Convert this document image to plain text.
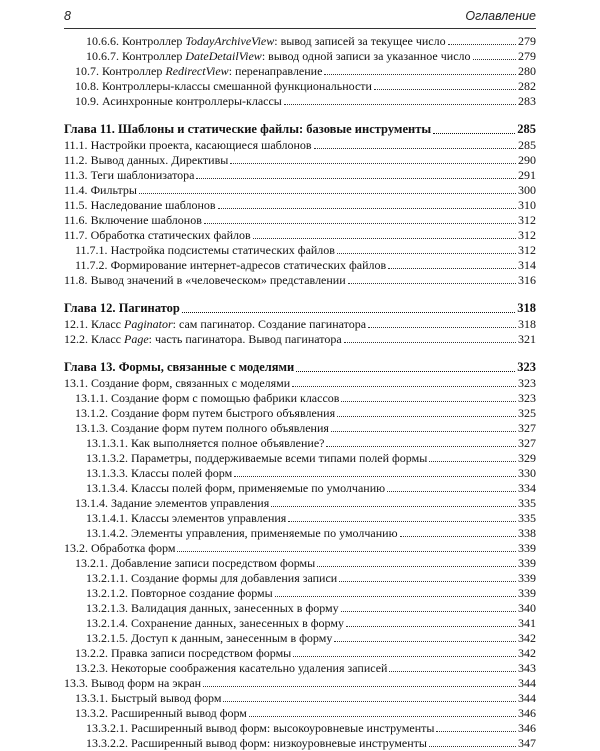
8	Оглавление
10.6.6. Контроллер TodayArchiveView: вывод записей за текущее число	279
10.6.7. Контроллер DateDetailView: вывод одной записи за указанное число	279
10.7. Контроллер RedirectView: перенаправление	280
10.8. Контроллеры-классы смешанной функциональности	282
10.9. Асинхронные контроллеры-классы	283
Глава 11. Шаблоны и статические файлы: базовые инструменты	285
11.1. Настройки проекта, касающиеся шаблонов	285
11.2. Вывод данных. Директивы	290
11.3. Теги шаблонизатора	291
11.4. Фильтры	300
11.5. Наследование шаблонов	310
11.6. Включение шаблонов	312
11.7. Обработка статических файлов	312
11.7.1. Настройка подсистемы статических файлов	312
11.7.2. Формирование интернет-адресов статических файлов	314
11.8. Вывод значений в «человеческом» представлении	316
Глава 12. Пагинатор	318
12.1. Класс Paginator: сам пагинатор. Создание пагинатора	318
12.2. Класс Page: часть пагинатора. Вывод пагинатора	321
Глава 13. Формы, связанные с моделями	323
13.1. Создание форм, связанных с моделями	323
13.1.1. Создание форм с помощью фабрики классов	323
13.1.2. Создание форм путем быстрого объявления	325
13.1.3. Создание форм путем полного объявления	327
13.1.3.1. Как выполняется полное объявление?	327
13.1.3.2. Параметры, поддерживаемые всеми типами полей формы	329
13.1.3.3. Классы полей форм	330
13.1.3.4. Классы полей форм, применяемые по умолчанию	334
13.1.4. Задание элементов управления	335
13.1.4.1. Классы элементов управления	335
13.1.4.2. Элементы управления, применяемые по умолчанию	338
13.2. Обработка форм	339
13.2.1. Добавление записи посредством формы	339
13.2.1.1. Создание формы для добавления записи	339
13.2.1.2. Повторное создание формы	339
13.2.1.3. Валидация данных, занесенных в форму	340
13.2.1.4. Сохранение данных, занесенных в форму	341
13.2.1.5. Доступ к данным, занесенным в форму	342
13.2.2. Правка записи посредством формы	342
13.2.3. Некоторые соображения касательно удаления записей	343
13.3. Вывод форм на экран	344
13.3.1. Быстрый вывод форм	344
13.3.2. Расширенный вывод форм	346
13.3.2.1. Расширенный вывод форм: высокоуровневые инструменты	346
13.3.2.2. Расширенный вывод форм: низкоуровневые инструменты	347
